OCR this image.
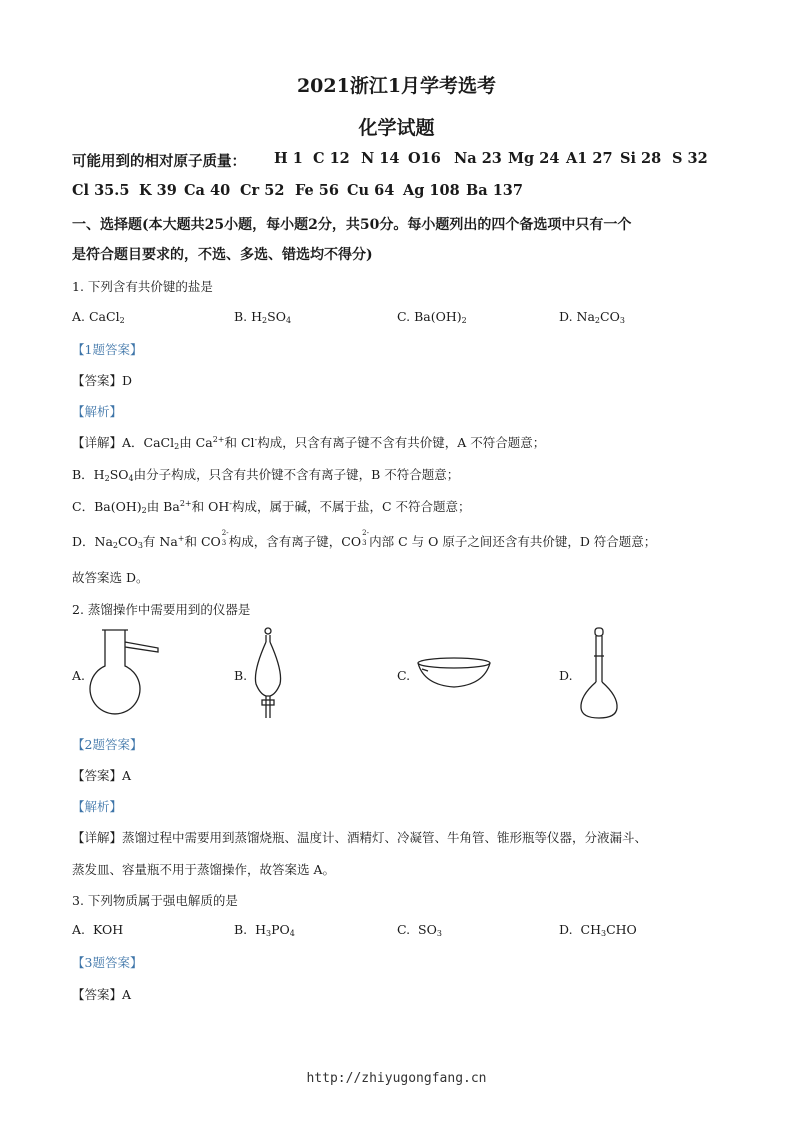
2021浙江1月学考选考
化学试题
可能用到的相对原子质量： H 1 C 12 N 14 O16 Na 23 Mg 24 A1 27 Si 28 S 32
Cl 35.5 K 39 Ca 40 Cr 52 Fe 56 Cu 64 Ag 108 Ba 137
一、选择题(本大题共25小题，每小题2分，共50分。每小题列出的四个备选项中只有一个
是符合题目要求的，不选、多选、错选均不得分)
1. 下列含有共价键的盐是
A. CaCl$_2$	B. $H_2SO_4$	C. $Ba(OH)_2$	D. $Na_2CO_3$
【1题答案】
【答案】D
【解析】
【详解】A．CaCl$_2$由 $Ca^{2+}$和 Cl-构成，只含有离子键不含有共价键，A 不符合题意；
B．$H_2SO_4$由分子构成，只含有共价键不含有离子键，B 不符合题意；
C．$Ba(OH)_2$由 $Ba^{2+}$和 OH-构成，属于碱，不属于盐，C 不符合题意；
D．$Na_2CO_3$有 Na+和 CO
2-
3 构成，含有离子键，CO
2-
3 内部 C 与 O 原子之间还含有共价键，D 符合题意；
故答案选 D。
2. 蒸馏操作中需要用到的仪器是
A.	B.	C.	D.
【2题答案】
【答案】A
【解析】
【详解】蒸馏过程中需要用到蒸馏烧瓶、温度计、酒精灯、冷凝管、牛角管、锥形瓶等仪器，分液漏斗、
蒸发皿、容量瓶不用于蒸馏操作，故答案选 A。
3. 下列物质属于强电解质的是
A.  KOH	B.  $H_3PO_4$	C.  $SO_3$	D.  $CH_3CHO$
【3题答案】
【答案】A
http://zhiyugongfang.cn
